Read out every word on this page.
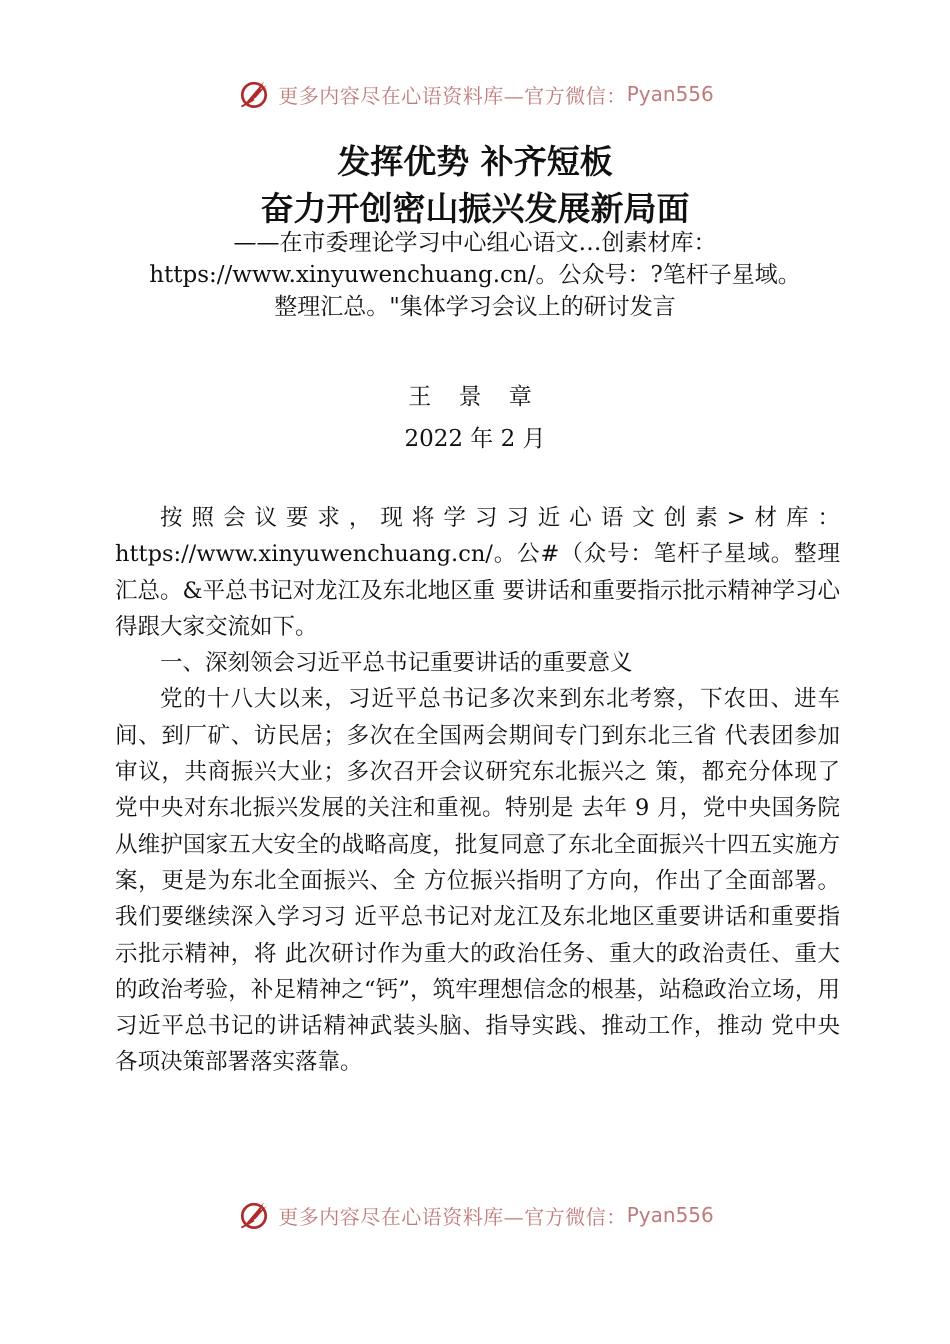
更多内容尽在心语资料库—官方微信： Pyan556
发挥优势 补齐短板
奋力开创密山振兴发展新局面
——在市委理论学习中心组心语文…创素材库：https://www.xinyuwenchuang.cn/。公众号：?笔杆子星域。整理汇总。"集体学习会议上的研讨发言
王 景 章
2022 年 2 月

按照会议要求，现将学习习近心语文创素>材库：https://www.xinyuwenchuang.cn/。公#（众号：笔杆子星域。整理汇总。&平总书记对龙江及东北地区重 要讲话和重要指示批示精神学习心得跟大家交流如下。

一、深刻领会习近平总书记重要讲话的重要意义

党的十八大以来，习近平总书记多次来到东北考察，下农田、进车间、到厂矿、访民居；多次在全国两会期间专门到东北三省 代表团参加审议，共商振兴大业；多次召开会议研究东北振兴之 策，都充分体现了党中央对东北振兴发展的关注和重视。特别是 去年 9 月，党中央国务院从维护国家五大安全的战略高度，批复同意了东北全面振兴十四五实施方案，更是为东北全面振兴、全 方位振兴指明了方向，作出了全面部署。我们要继续深入学习习 近平总书记对龙江及东北地区重要讲话和重要指示批示精神，将 此次研讨作为重大的政治任务、重大的政治责任、重大的政治考验，补足精神之“钙”，筑牢理想信念的根基，站稳政治立场，用习近平总书记的讲话精神武装头脑、指导实践、推动工作，推动 党中央各项决策部署落实落靠。

更多内容尽在心语资料库—官方微信： Pyan556
